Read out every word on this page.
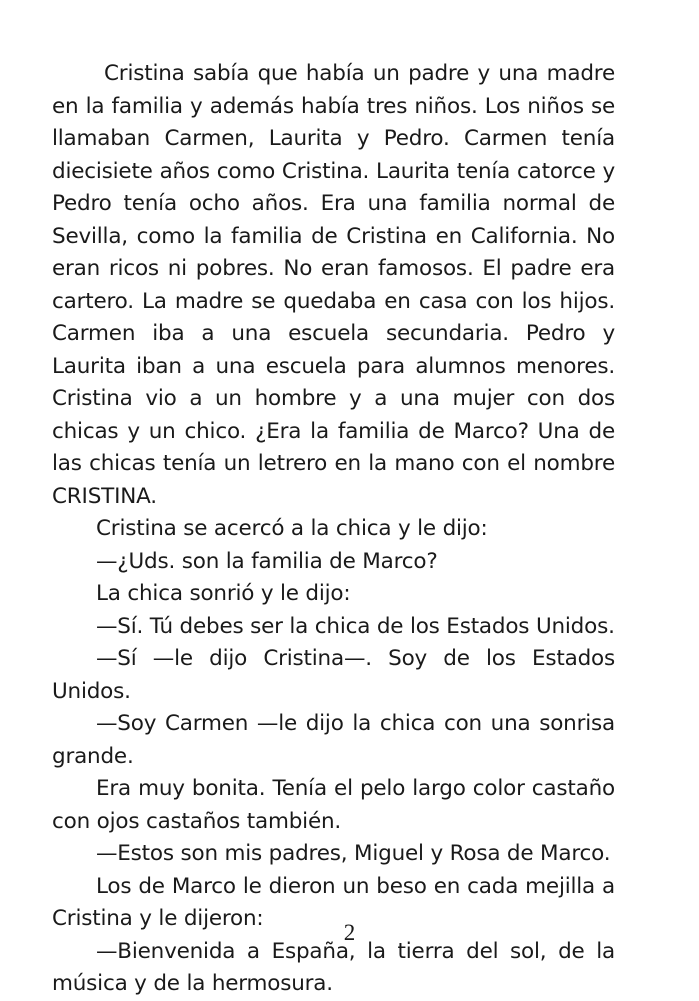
Cristina sabía que había un padre y una madre en la familia y además había tres niños. Los niños se llamaban Carmen, Laurita y Pedro. Carmen tenía diecisiete años como Cristina. Laurita tenía catorce y Pedro tenía ocho años. Era una familia normal de Sevilla, como la familia de Cristina en California. No eran ricos ni pobres. No eran famosos. El padre era cartero. La madre se quedaba en casa con los hijos. Carmen iba a una escuela secundaria. Pedro y Laurita iban a una escuela para alumnos menores. Cristina vio a un hombre y a una mujer con dos chicas y un chico. ¿Era la familia de Marco? Una de las chicas tenía un letrero en la mano con el nombre CRISTINA.

Cristina se acercó a la chica y le dijo:

—¿Uds. son la familia de Marco?

La chica sonrió y le dijo:

—Sí. Tú debes ser la chica de los Estados Unidos.

—Sí —le dijo Cristina—. Soy de los Estados Unidos.

—Soy Carmen —le dijo la chica con una sonrisa grande.

Era muy bonita. Tenía el pelo largo color castaño con ojos castaños también.

—Estos son mis padres, Miguel y Rosa de Marco.

Los de Marco le dieron un beso en cada mejilla a Cristina y le dijeron:

—Bienvenida a España, la tierra del sol, de la música y de la hermosura.

2
